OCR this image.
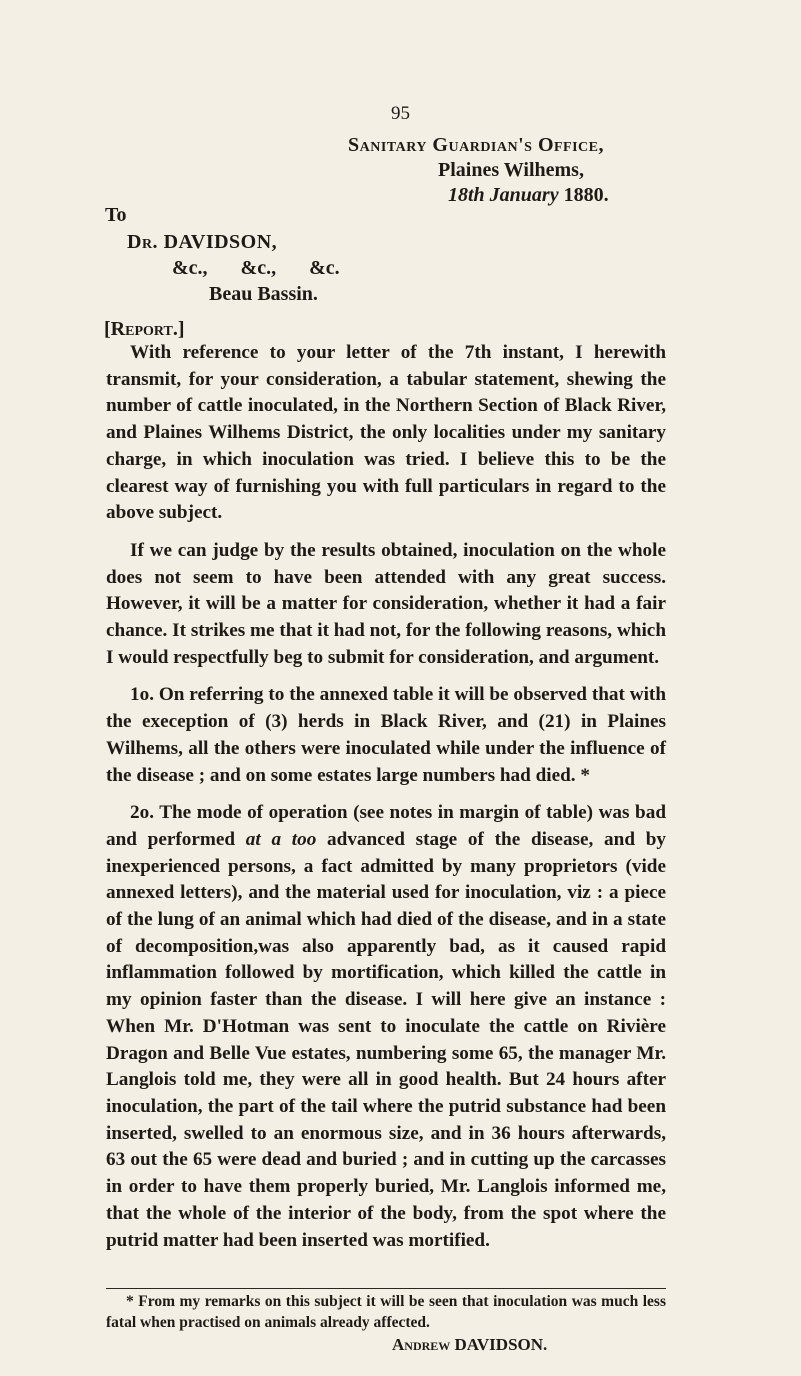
95
Sanitary Guardian's Office,
Plaines Wilhems,
18th January 1880.
To
Dr. DAVIDSON,
&c., &c., &c.
Beau Bassin.
[Report.]

With reference to your letter of the 7th instant, I herewith transmit, for your consideration, a tabular statement, shewing the number of cattle inoculated, in the Northern Section of Black River, and Plaines Wilhems District, the only localities under my sanitary charge, in which inoculation was tried. I believe this to be the clearest way of furnishing you with full particulars in regard to the above subject.

If we can judge by the results obtained, inoculation on the whole does not seem to have been attended with any great success. However, it will be a matter for consideration, whether it had a fair chance. It strikes me that it had not, for the following reasons, which I would respectfully beg to submit for consideration, and argument.

1o. On referring to the annexed table it will be observed that with the exeception of (3) herds in Black River, and (21) in Plaines Wilhems, all the others were inoculated while under the influence of the disease ; and on some estates large numbers had died. *

2o. The mode of operation (see notes in margin of table) was bad and performed at a too advanced stage of the disease, and by inexperienced persons, a fact admitted by many proprietors (vide annexed letters), and the material used for inoculation, viz : a piece of the lung of an animal which had died of the disease, and in a state of decomposition,was also apparently bad, as it caused rapid inflammation followed by mortification, which killed the cattle in my opinion faster than the disease. I will here give an instance : When Mr. D'Hotman was sent to inoculate the cattle on Rivière Dragon and Belle Vue estates, numbering some 65, the manager Mr. Langlois told me, they were all in good health. But 24 hours after inoculation, the part of the tail where the putrid substance had been inserted, swelled to an enormous size, and in 36 hours afterwards, 63 out the 65 were dead and buried ; and in cutting up the carcasses in order to have them properly buried, Mr. Langlois informed me, that the whole of the interior of the body, from the spot where the putrid matter had been inserted was mortified.

* From my remarks on this subject it will be seen that inoculation was much less fatal when practised on animals already affected.

Andrew DAVIDSON.
